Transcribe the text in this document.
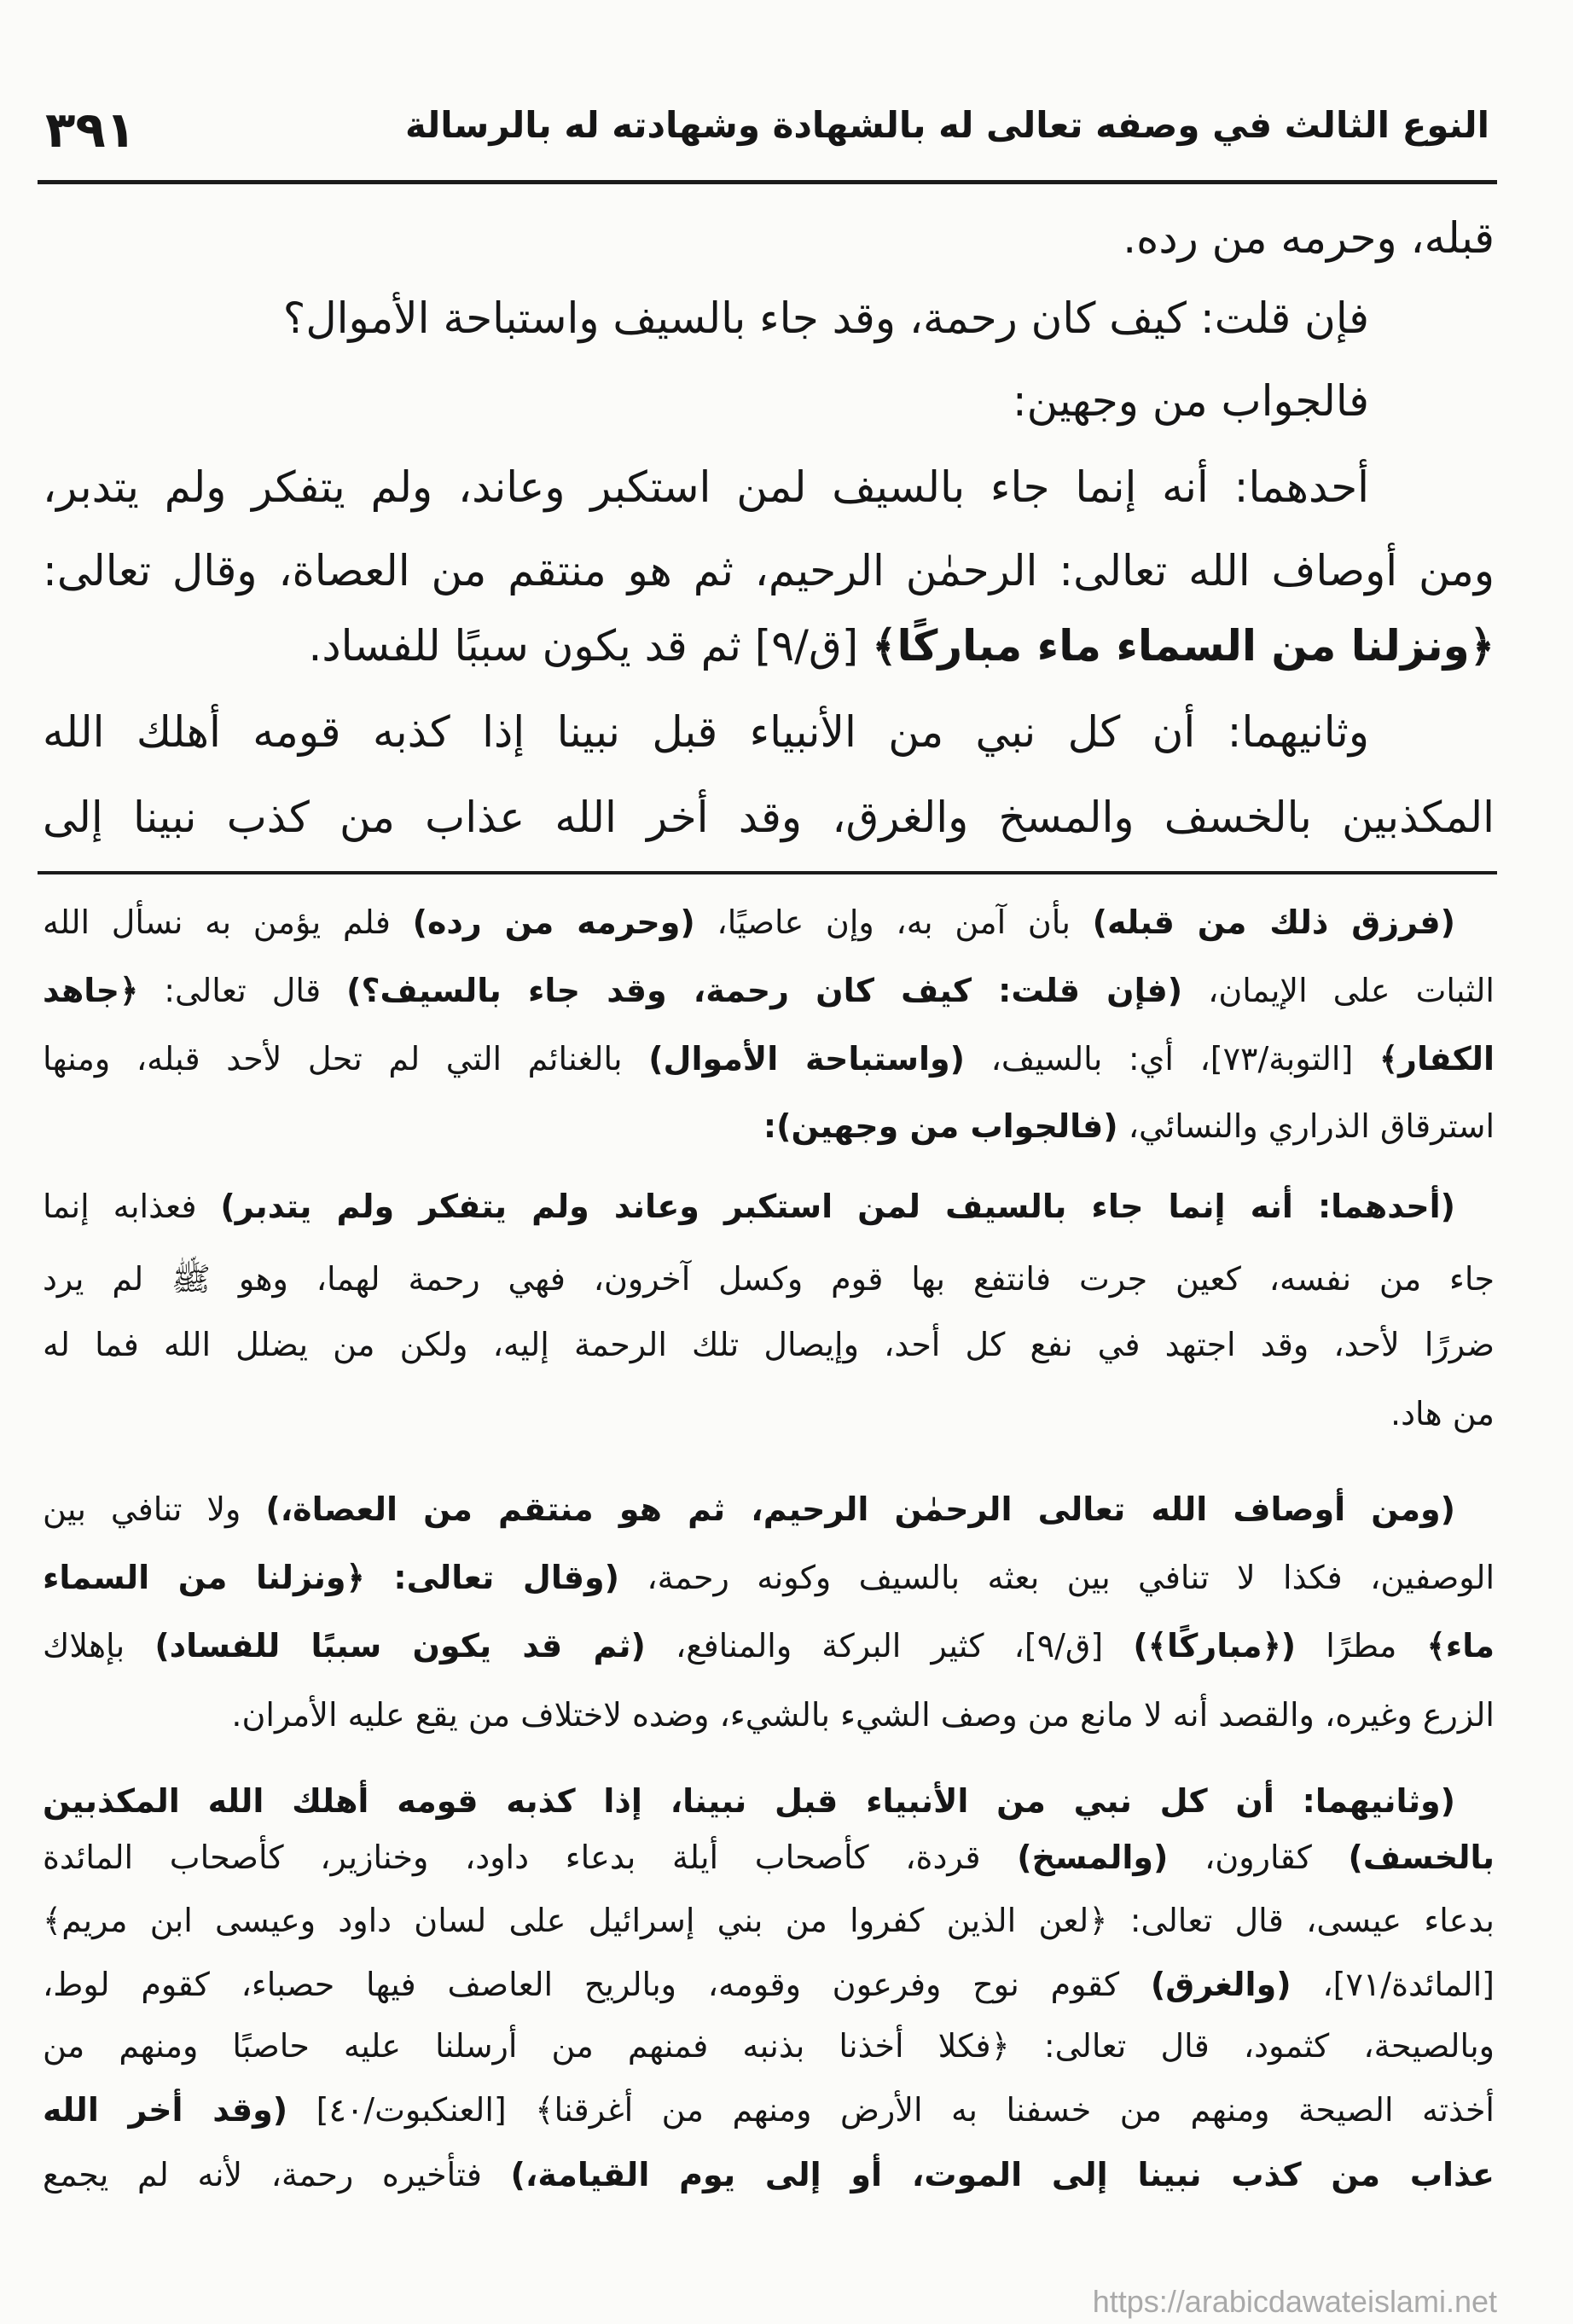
النوع الثالث في وصفه تعالى له بالشهادة وشهادته له بالرسالة
٣٩١
قبله، وحرمه من رده.
فإن قلت: كيف كان رحمة، وقد جاء بالسيف واستباحة الأموال؟
فالجواب من وجهين:
أحدهما: أنه إنما جاء بالسيف لمن استكبر وعاند، ولم يتفكر ولم يتدبر،
ومن أوصاف الله تعالى: الرحمٰن الرحيم، ثم هو منتقم من العصاة، وقال تعالى:
﴿ونزلنا من السماء ماء مباركًا﴾ [ق/٩] ثم قد يكون سببًا للفساد.
وثانيهما: أن كل نبي من الأنبياء قبل نبينا إذا كذبه قومه أهلك الله
المكذبين بالخسف والمسخ والغرق، وقد أخر الله عذاب من كذب نبينا إلى
(فرزق ذلك من قبله) بأن آمن به، وإن عاصيًا، (وحرمه من رده) فلم يؤمن به نسأل الله
الثبات على الإيمان، (فإن قلت: كيف كان رحمة، وقد جاء بالسيف؟) قال تعالى: ﴿جاهد
الكفار﴾ [التوبة/٧٣]، أي: بالسيف، (واستباحة الأموال) بالغنائم التي لم تحل لأحد قبله، ومنها
استرقاق الذراري والنسائي، (فالجواب من وجهين):
(أحدهما: أنه إنما جاء بالسيف لمن استكبر وعاند ولم يتفكر ولم يتدبر) فعذابه إنما
جاء من نفسه، كعين جرت فانتفع بها قوم وكسل آخرون، فهي رحمة لهما، وهو ﷺ لم يرد
ضررًا لأحد، وقد اجتهد في نفع كل أحد، وإيصال تلك الرحمة إليه، ولكن من يضلل الله فما له
من هاد.
(ومن أوصاف الله تعالى الرحمٰن الرحيم، ثم هو منتقم من العصاة،) ولا تنافي بين
الوصفين، فكذا لا تنافي بين بعثه بالسيف وكونه رحمة، (وقال تعالى: ﴿ونزلنا من السماء
ماء﴾ مطرًا (﴿مباركًا﴾) [ق/٩]، كثير البركة والمنافع، (ثم قد يكون سببًا للفساد) بإهلاك
الزرع وغيره، والقصد أنه لا مانع من وصف الشيء بالشيء، وضده لاختلاف من يقع عليه الأمران.
(وثانيهما: أن كل نبي من الأنبياء قبل نبينا، إذا كذبه قومه أهلك الله المكذبين
بالخسف) كقارون، (والمسخ) قردة، كأصحاب أيلة بدعاء داود، وخنازير، كأصحاب المائدة
بدعاء عيسى، قال تعالى: ﴿لعن الذين كفروا من بني إسرائيل على لسان داود وعيسى ابن مريم﴾
[المائدة/٧١]، (والغرق) كقوم نوح وفرعون وقومه، وبالريح العاصف فيها حصباء، كقوم لوط،
وبالصيحة، كثمود، قال تعالى: ﴿فكلا أخذنا بذنبه فمنهم من أرسلنا عليه حاصبًا ومنهم من
أخذته الصيحة ومنهم من خسفنا به الأرض ومنهم من أغرقنا﴾ [العنكبوت/٤٠] (وقد أخر الله
عذاب من كذب نبينا إلى الموت، أو إلى يوم القيامة،) فتأخيره رحمة، لأنه لم يجمع
https://arabicdawateislami.net
